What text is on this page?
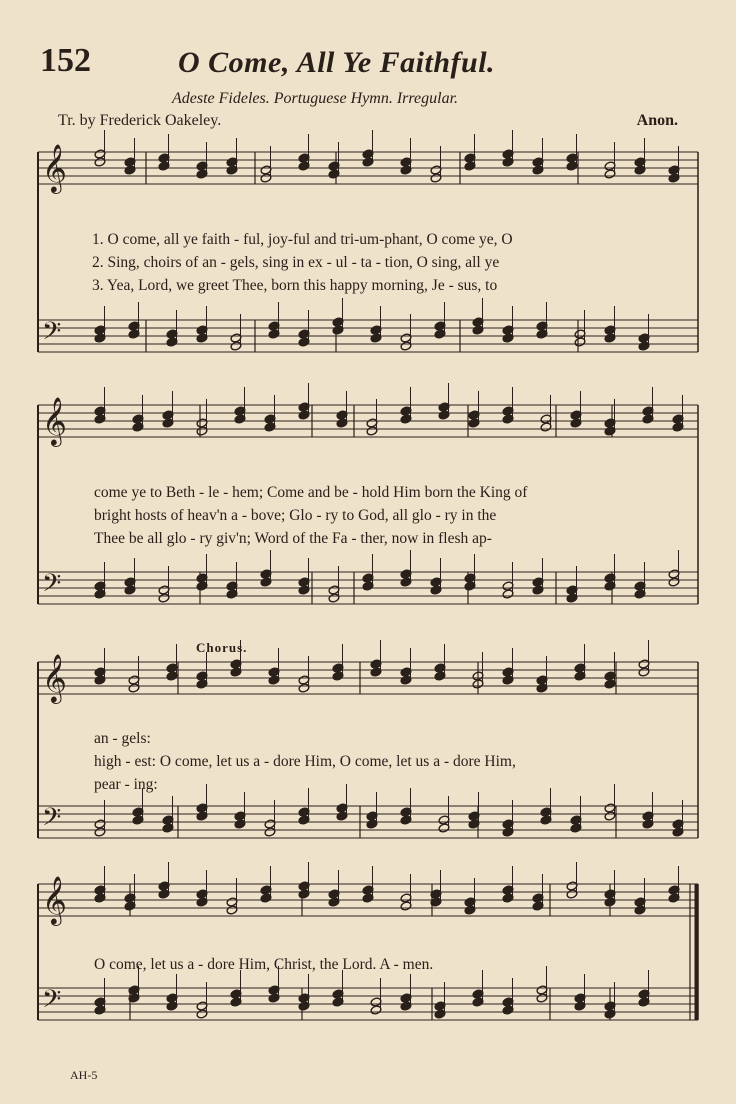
152	O Come, All Ye Faithful.
Adeste Fideles. Portuguese Hymn. Irregular.
Tr. by Frederick Oakeley.	Anon.
𝄞
𝄢
𝄞
𝄢
𝄞
𝄢
𝄞
𝄢
1. O come, all ye faith - ful, joy-ful and tri-um-phant, O come ye, O
2. Sing, choirs of an - gels, sing in ex - ul - ta - tion, O sing, all ye
3. Yea, Lord, we greet Thee, born this happy morning, Je - sus, to
come ye to Beth - le - hem; Come and be - hold Him born the King of
bright hosts of heav'n a - bove; Glo - ry to God, all glo - ry in the
Thee be all glo - ry giv'n; Word of the Fa - ther, now in flesh ap-
Chorus.
an - gels:
high - est: O come, let us a - dore Him, O come, let us a - dore Him,
pear - ing:
O come, let us a - dore Him, Christ, the Lord. A - men.
AH-5
